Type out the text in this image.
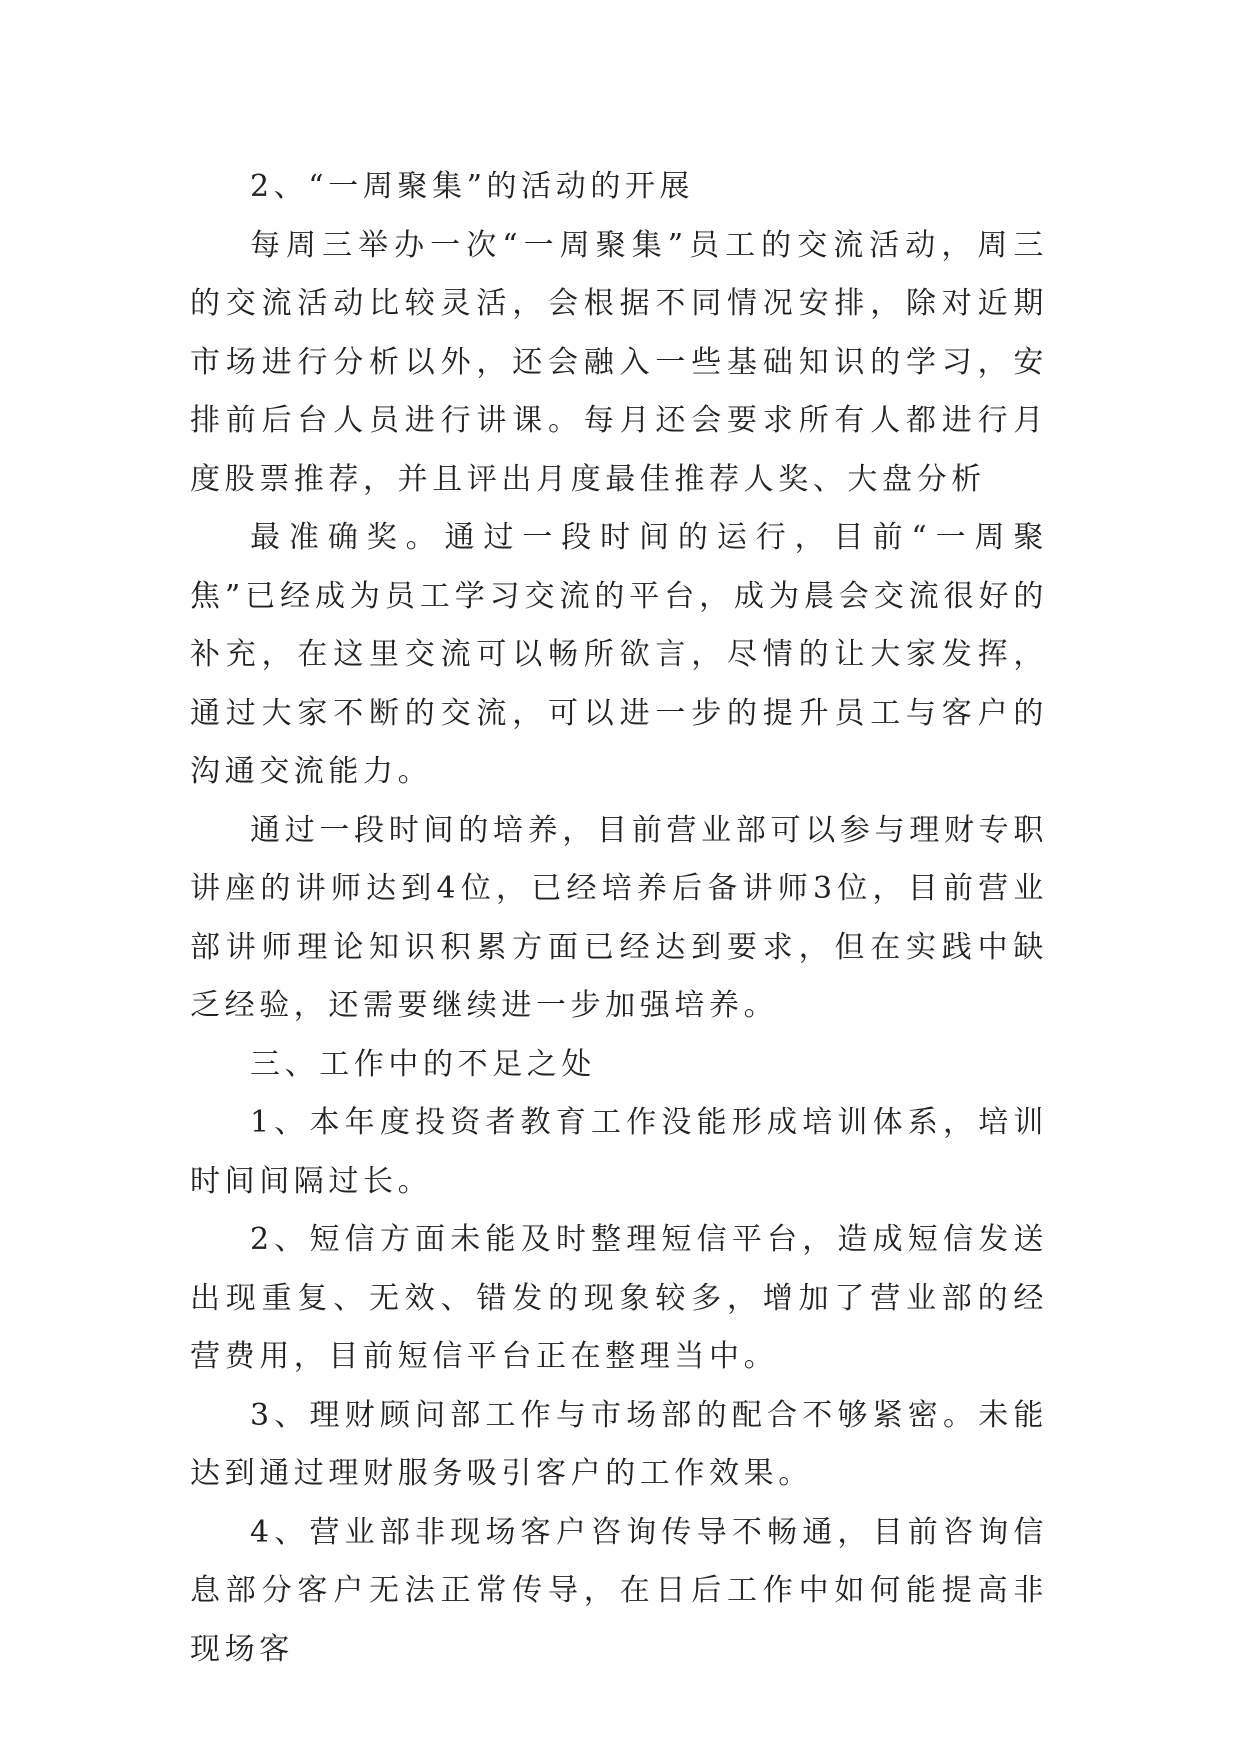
2、“一周聚集”的活动的开展

每周三举办一次“一周聚集”员工的交流活动，周三的交流活动比较灵活，会根据不同情况安排，除对近期市场进行分析以外，还会融入一些基础知识的学习，安排前后台人员进行讲课。每月还会要求所有人都进行月度股票推荐，并且评出月度最佳推荐人奖、大盘分析

最准确奖。通过一段时间的运行，目前“一周聚焦”已经成为员工学习交流的平台，成为晨会交流很好的补充，在这里交流可以畅所欲言，尽情的让大家发挥，通过大家不断的交流，可以进一步的提升员工与客户的沟通交流能力。

通过一段时间的培养，目前营业部可以参与理财专职讲座的讲师达到4位，已经培养后备讲师3位，目前营业部讲师理论知识积累方面已经达到要求，但在实践中缺乏经验，还需要继续进一步加强培养。

三、工作中的不足之处

1、本年度投资者教育工作没能形成培训体系，培训时间间隔过长。

2、短信方面未能及时整理短信平台，造成短信发送出现重复、无效、错发的现象较多，增加了营业部的经营费用，目前短信平台正在整理当中。

3、理财顾问部工作与市场部的配合不够紧密。未能达到通过理财服务吸引客户的工作效果。

4、营业部非现场客户咨询传导不畅通，目前咨询信息部分客户无法正常传导，在日后工作中如何能提高非现场客
